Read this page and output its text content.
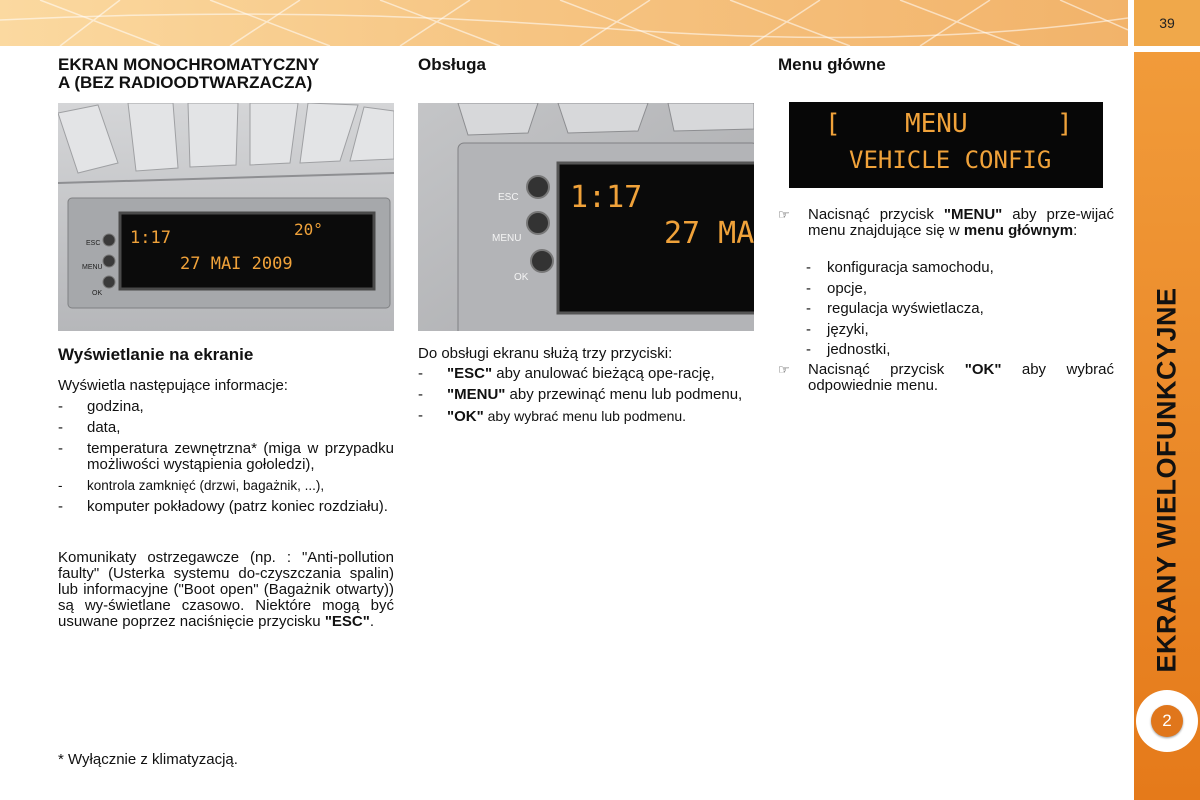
39
EKRANY WIELOFUNKCYJNE
2
EKRAN MONOCHROMATYCZNY
A (BEZ RADIOODTWARZACZA)
1:17	20°
27 MAI 2009
ESC
MENU
OK
Wyświetlanie na ekranie
Wyświetla następujące informacje:
- godzina,
- data,
- temperatura zewnętrzna* (miga w przypadku możliwości wystąpienia gołoledzi),
- kontrola zamknięć (drzwi, bagażnik, ...),
- komputer pokładowy (patrz koniec rozdziału).
Komunikaty ostrzegawcze (np. : "Anti-pollution faulty" (Usterka systemu do-czyszczania spalin) lub informacyjne ("Boot open" (Bagażnik otwarty)) są wy-świetlane czasowo. Niektóre mogą być usuwane poprzez naciśnięcie przycisku "ESC".
* Wyłącznie z klimatyzacją.
Obsługa
1:17
27 MA
ESC
MENU
OK
Do obsługi ekranu służą trzy przyciski:
- "ESC" aby anulować bieżącą ope-rację,
- "MENU" aby przewinąć menu lub podmenu,
- "OK" aby wybrać menu lub podmenu.
Menu główne
[ MENU	]
VEHICLE CONFIG
☞ Nacisnąć przycisk "MENU" aby prze-wijać menu znajdujące się w menu głównym:
- konfiguracja samochodu,
- opcje,
- regulacja wyświetlacza,
- języki,
- jednostki,
☞ Nacisnąć przycisk "OK" aby wybrać odpowiednie menu.
